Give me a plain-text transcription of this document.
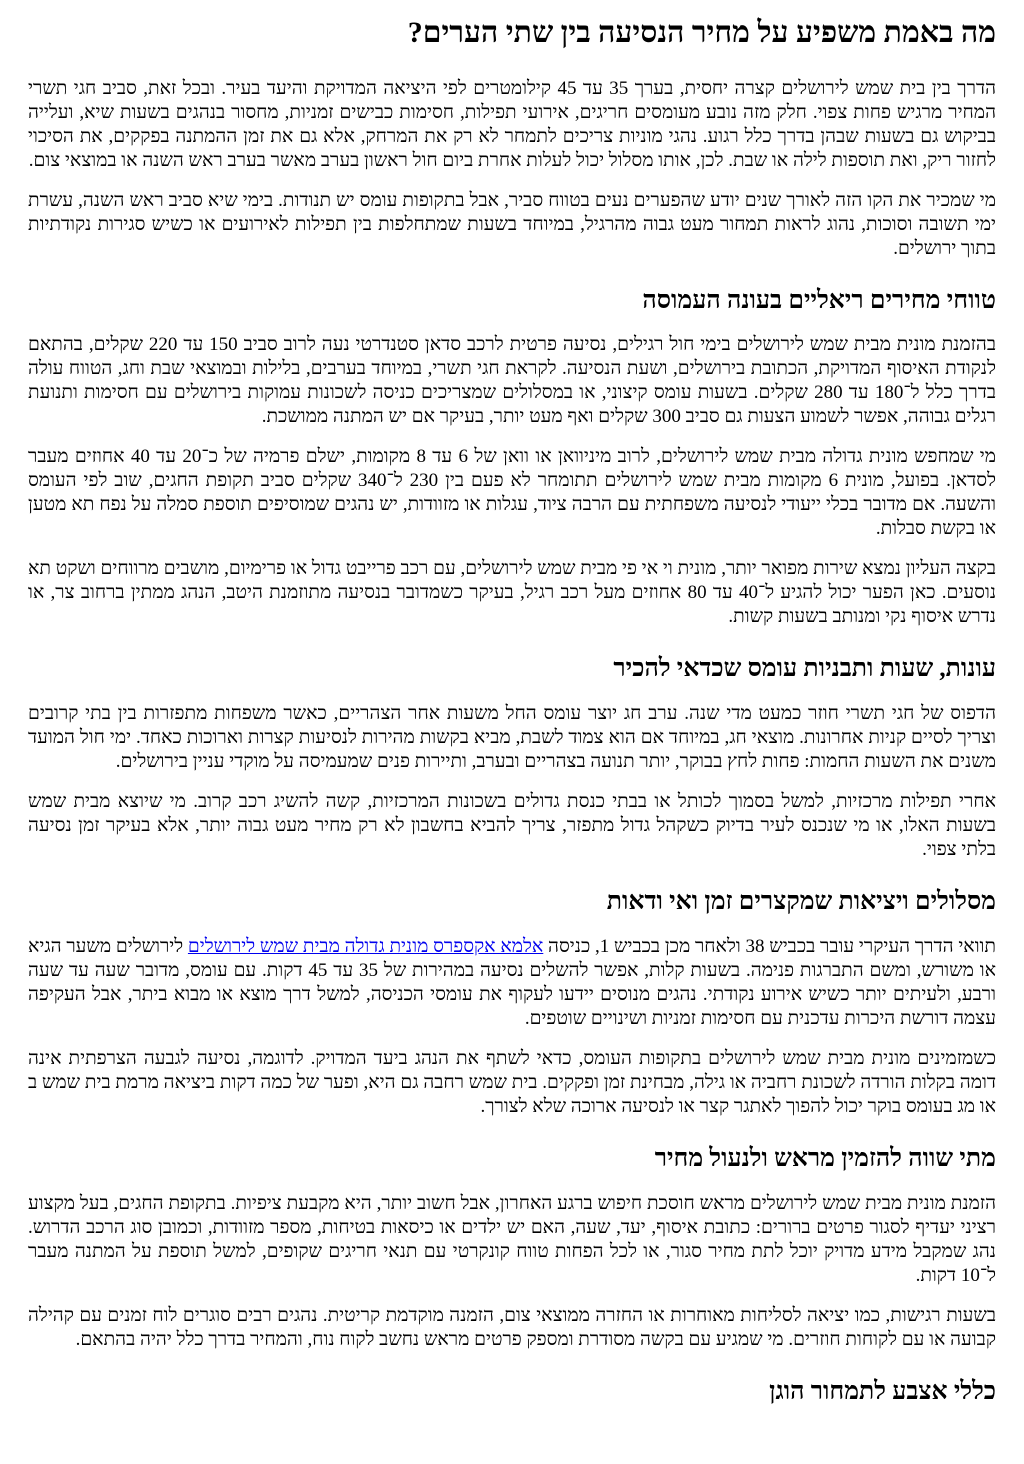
מה באמת משפיע על מחיר הנסיעה בין שתי הערים?

הדרך בין בית שמש לירושלים קצרה יחסית, בערך 35 עד 45 קילומטרים לפי היציאה המדויקת והיעד בעיר. ובכל זאת, סביב חגי תשרי המחיר מרגיש פחות צפוי. חלק מזה נובע מעומסים חריגים, אירועי תפילות, חסימות כבישים זמניות, מחסור בנהגים בשעות שיא, ועלייה בביקוש גם בשעות שבהן בדרך כלל רגוע. נהגי מוניות צריכים לתמחר לא רק את המרחק, אלא גם את זמן ההמתנה בפקקים, את הסיכוי לחזור ריק, ואת תוספות לילה או שבת. לכן, אותו מסלול יכול לעלות אחרת ביום חול ראשון בערב מאשר בערב ראש השנה או במוצאי צום.

מי שמכיר את הקו הזה לאורך שנים יודע שהפערים נעים בטווח סביר, אבל בתקופות עומס יש תנודות. בימי שיא סביב ראש השנה, עשרת ימי תשובה וסוכות, נהוג לראות תמחור מעט גבוה מהרגיל, במיוחד בשעות שמתחלפות בין תפילות לאירועים או כשיש סגירות נקודתיות בתוך ירושלים.

טווחי מחירים ריאליים בעונה העמוסה

בהזמנת מונית מבית שמש לירושלים בימי חול רגילים, נסיעה פרטית לרכב סדאן סטנדרטי נעה לרוב סביב 150 עד 220 שקלים, בהתאם לנקודת האיסוף המדויקת, הכתובת בירושלים, ושעת הנסיעה. לקראת חגי תשרי, במיוחד בערבים, בלילות ובמוצאי שבת וחג, הטווח עולה בדרך כלל ל־180 עד 280 שקלים. בשעות עומס קיצוני, או במסלולים שמצריכים כניסה לשכונות עמוקות בירושלים עם חסימות ותנועת רגלים גבוהה, אפשר לשמוע הצעות גם סביב 300 שקלים ואף מעט יותר, בעיקר אם יש המתנה ממושכת.

מי שמחפש מונית גדולה מבית שמש לירושלים, לרוב מיניוואן או וואן של 6 עד 8 מקומות, ישלם פרמיה של כ־20 עד 40 אחוזים מעבר לסדאן. בפועל, מונית 6 מקומות מבית שמש לירושלים תתומחר לא פעם בין 230 ל־340 שקלים סביב תקופת החגים, שוב לפי העומס והשעה. אם מדובר בכלי ייעודי לנסיעה משפחתית עם הרבה ציוד, עגלות או מזוודות, יש נהגים שמוסיפים תוספת סמלה על נפח תא מטען או בקשת סבלות.

בקצה העליון נמצא שירות מפואר יותר, מונית וי אי פי מבית שמש לירושלים, עם רכב פרייבט גדול או פרימיום, מושבים מרווחים ושקט תא נוסעים. כאן הפער יכול להגיע ל־40 עד 80 אחוזים מעל רכב רגיל, בעיקר כשמדובר בנסיעה מתוזמנת היטב, הנהג ממתין ברחוב צר, או נדרש איסוף נקי ומנותב בשעות קשות.

עונות, שעות ותבניות עומס שכדאי להכיר

הדפוס של חגי תשרי חוזר כמעט מדי שנה. ערב חג יוצר עומס החל משעות אחר הצהריים, כאשר משפחות מתפזרות בין בתי קרובים וצריך לסיים קניות אחרונות. מוצאי חג, במיוחד אם הוא צמוד לשבת, מביא בקשות מהירות לנסיעות קצרות וארוכות כאחד. ימי חול המועד משנים את השעות החמות: פחות לחץ בבוקר, יותר תנועה בצהריים ובערב, ותיירות פנים שמעמיסה על מוקדי עניין בירושלים.

אחרי תפילות מרכזיות, למשל בסמוך לכותל או בבתי כנסת גדולים בשכונות המרכזיות, קשה להשיג רכב קרוב. מי שיוצא מבית שמש בשעות האלו, או מי שנכנס לעיר בדיוק כשקהל גדול מתפזר, צריך להביא בחשבון לא רק מחיר מעט גבוה יותר, אלא בעיקר זמן נסיעה בלתי צפוי.

מסלולים ויציאות שמקצרים זמן ואי ודאות

תוואי הדרך העיקרי עובר בכביש 38 ולאחר מכן בכביש 1, כניסה אלמא אקספרס מונית גדולה מבית שמש לירושלים לירושלים משער הגיא או משורש, ומשם התברגות פנימה. בשעות קלות, אפשר להשלים נסיעה במהירות של 35 עד 45 דקות. עם עומס, מדובר שעה עד שעה ורבע, ולעיתים יותר כשיש אירוע נקודתי. נהגים מנוסים יידעו לעקוף את עומסי הכניסה, למשל דרך מוצא או מבוא ביתר, אבל העקיפה עצמה דורשת היכרות עדכנית עם חסימות זמניות ושינויים שוטפים.

כשמזמינים מונית מבית שמש לירושלים בתקופות העומס, כדאי לשתף את הנהג ביעד המדויק. לדוגמה, נסיעה לגבעה הצרפתית אינה דומה בקלות הורדה לשכונת רחביה או גילה, מבחינת זמן ופקקים. בית שמש רחבה גם היא, ופער של כמה דקות ביציאה מרמת בית שמש ב או מג בעומס בוקר יכול להפוך לאתגר קצר או לנסיעה ארוכה שלא לצורך.

מתי שווה להזמין מראש ולנעול מחיר

הזמנת מונית מבית שמש לירושלים מראש חוסכת חיפוש ברגע האחרון, אבל חשוב יותר, היא מקבעת ציפיות. בתקופת החגים, בעל מקצוע רציני יעדיף לסגור פרטים ברורים: כתובת איסוף, יעד, שעה, האם יש ילדים או כיסאות בטיחות, מספר מזוודות, וכמובן סוג הרכב הדרוש. נהג שמקבל מידע מדויק יוכל לתת מחיר סגור, או לכל הפחות טווח קונקרטי עם תנאי חריגים שקופים, למשל תוספת על המתנה מעבר ל־10 דקות.

בשעות רגישות, כמו יציאה לסליחות מאוחרות או החזרה ממוצאי צום, הזמנה מוקדמת קריטית. נהגים רבים סוגרים לוח זמנים עם קהילה קבועה או עם לקוחות חוזרים. מי שמגיע עם בקשה מסודרת ומספק פרטים מראש נחשב לקוח נוח, והמחיר בדרך כלל יהיה בהתאם.

כללי אצבע לתמחור הוגן
